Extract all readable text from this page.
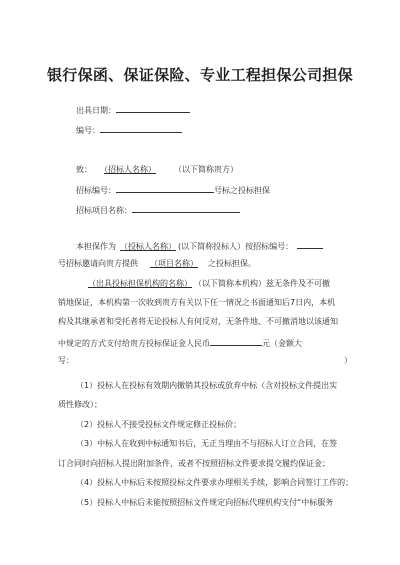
银行保函、保证保险、专业工程担保公司担保
出具日期：
编号：
致： （招标人名称）	（以下简称贵方）
招标编号：	号标之投标担保
招标项目名称：
本担保作为 （投标人名称） (以下简称投标人）按招标编号：
号招标邀请向贵方提供 （项目名称） 之投标担保。
（出具投标担保机构的名称） （以下简称本机构）兹无条件及不可撤
销地保证，本机构第一次收到贵方有关以下任一情况之书面通知后7日内，本机
构及其继承者和受托者将无论投标人有何反对，无条件地、不可撤消地以该通知
中规定的方式支付给贵方投标保证金人民币	元（金额大
写：	）
（1）投标人在投标有效期内撤销其投标或放弃中标（含对投标文件提出实
质性修改）；
（2）投标人不接受投标文件规定修正投标价；
（3）中标人在收到中标通知书后，无正当理由不与招标人订立合同，在签
订合同时向招标人提出附加条件，或者不按照招标文件要求提交履约保证金；
（4）投标人中标后未按照投标文件要求办理相关手续，影响合同签订工作的；
（5）投标人中标后未能按照招标文件规定向招标代理机构支付“中标服务
